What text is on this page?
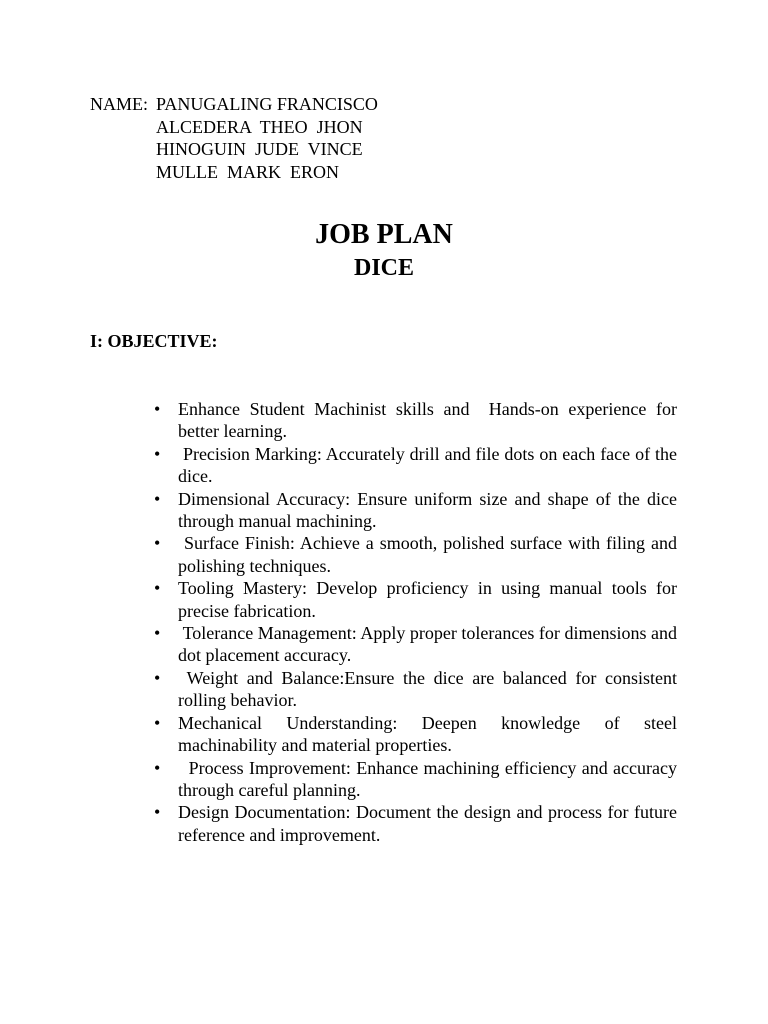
NAME: PANUGALING FRANCISCO
ALCEDERA  THEO  JHON
HINOGUIN  JUDE  VINCE
MULLE  MARK  ERON
JOB PLAN
DICE
I: OBJECTIVE:
• Enhance Student Machinist skills and  Hands-on experience for better learning.
• Precision Marking: Accurately drill and file dots on each face of the dice.
• Dimensional Accuracy: Ensure uniform size and shape of the dice through manual machining.
• Surface Finish: Achieve a smooth, polished surface with filing and polishing techniques.
• Tooling Mastery: Develop proficiency in using manual tools for precise fabrication.
• Tolerance Management: Apply proper tolerances for dimensions and dot placement accuracy.
• Weight and Balance:Ensure the dice are balanced for consistent rolling behavior.
• Mechanical Understanding: Deepen knowledge of steel machinability and material properties.
• Process Improvement: Enhance machining efficiency and accuracy through careful planning.
• Design Documentation: Document the design and process for future reference and improvement.
